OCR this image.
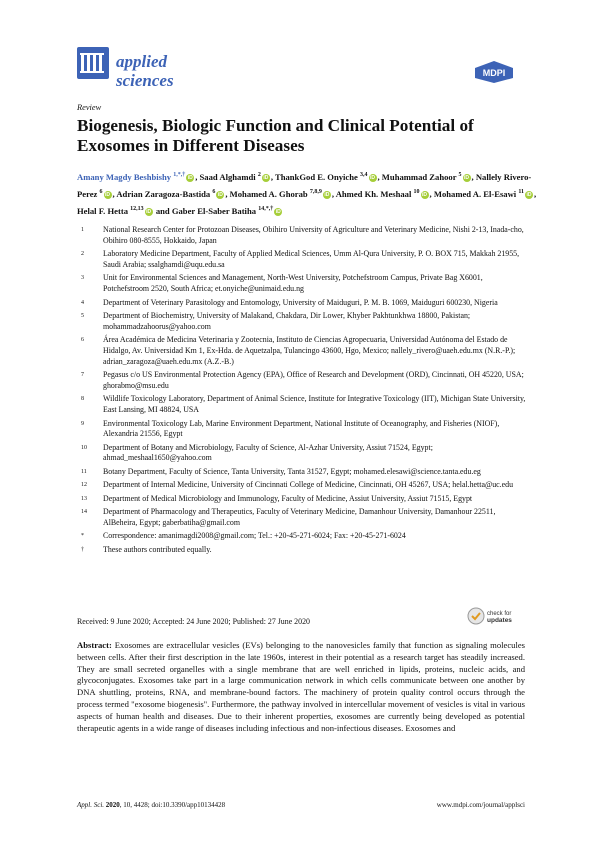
applied
sciences	MDPI
Review
Biogenesis, Biologic Function and Clinical Potential of Exosomes in Different Diseases
Amany Magdy Beshbishy $^{1,*,\dagger}$ iD , Saad Alghamdi $^2$ iD , ThankGod E. Onyiche $^{3,4}$ iD , Muhammad Zahoor $^5$ iD , Nallely Rivero-Perez $^6$ iD , Adrian Zaragoza-Bastida $^6$ iD , Mohamed A. Ghorab $^{7,8,9}$ iD , Ahmed Kh. Meshaal $^{10}$ iD , Mohamed A. El-Esawi $^{11}$ iD , Helal F. Hetta $^{12,13}$ iD and Gaber El-Saber Batiha $^{14,*,\dagger}$ iD
1	National Research Center for Protozoan Diseases, Obihiro University of Agriculture and Veterinary Medicine, Nishi 2-13, Inada-cho, Obihiro 080-8555, Hokkaido, Japan
2	Laboratory Medicine Department, Faculty of Applied Medical Sciences, Umm Al-Qura University, P. O. BOX 715, Makkah 21955, Saudi Arabia; ssalghamdi@uqu.edu.sa
3	Unit for Environmental Sciences and Management, North-West University, Potchefstroom Campus, Private Bag X6001, Potchefstroom 2520, South Africa; et.onyiche@unimaid.edu.ng
4	Department of Veterinary Parasitology and Entomology, University of Maiduguri, P. M. B. 1069, Maiduguri 600230, Nigeria
5	Department of Biochemistry, University of Malakand, Chakdara, Dir Lower, Khyber Pakhtunkhwa 18800, Pakistan; mohammadzahoorus@yahoo.com
6	Área Académica de Medicina Veterinaria y Zootecnia, Instituto de Ciencias Agropecuaria, Universidad Autónoma del Estado de Hidalgo, Av. Universidad Km 1, Ex-Hda. de Aquetzalpa, Tulancingo 43600, Hgo, Mexico; nallely_rivero@uaeh.edu.mx (N.R.-P.); adrian_zaragoza@uaeh.edu.mx (A.Z.-B.)
7	Pegasus c/o US Environmental Protection Agency (EPA), Office of Research and Development (ORD), Cincinnati, OH 45220, USA; ghorabmo@msu.edu
8	Wildlife Toxicology Laboratory, Department of Animal Science, Institute for Integrative Toxicology (IIT), Michigan State University, East Lansing, MI 48824, USA
9	Environmental Toxicology Lab, Marine Environment Department, National Institute of Oceanography, and Fisheries (NIOF), Alexandria 21556, Egypt
10	Department of Botany and Microbiology, Faculty of Science, Al-Azhar University, Assiut 71524, Egypt; ahmad_meshaal1650@yahoo.com
11	Botany Department, Faculty of Science, Tanta University, Tanta 31527, Egypt; mohamed.elesawi@science.tanta.edu.eg
12	Department of Internal Medicine, University of Cincinnati College of Medicine, Cincinnati, OH 45267, USA; helal.hetta@uc.edu
13	Department of Medical Microbiology and Immunology, Faculty of Medicine, Assiut University, Assiut 71515, Egypt
14	Department of Pharmacology and Therapeutics, Faculty of Veterinary Medicine, Damanhour University, Damanhour 22511, AlBeheira, Egypt; gaberbatiha@gmail.com
*	Correspondence: amanimagdi2008@gmail.com; Tel.: +20-45-271-6024; Fax: +20-45-271-6024
†	These authors contributed equally.
Received: 9 June 2020; Accepted: 24 June 2020; Published: 27 June 2020
check for
updates
Abstract: Exosomes are extracellular vesicles (EVs) belonging to the nanovesicles family that function as signaling molecules between cells. After their first description in the late 1960s, interest in their potential as a research target has steadily increased. They are small secreted organelles with a single membrane that are well enriched in lipids, proteins, nucleic acids, and glycoconjugates. Exosomes take part in a large communication network in which cells communicate between one another by DNA shuttling, proteins, RNA, and membrane-bound factors. The machinery of protein quality control occurs through the process termed "exosome biogenesis". Furthermore, the pathway involved in intercellular movement of vesicles is vital in various aspects of human health and diseases. Due to their inherent properties, exosomes are currently being developed as potential therapeutic agents in a wide range of diseases including infectious and non-infectious diseases. Exosomes and
Appl. Sci. 2020, 10, 4428; doi:10.3390/app10134428	www.mdpi.com/journal/applsci
